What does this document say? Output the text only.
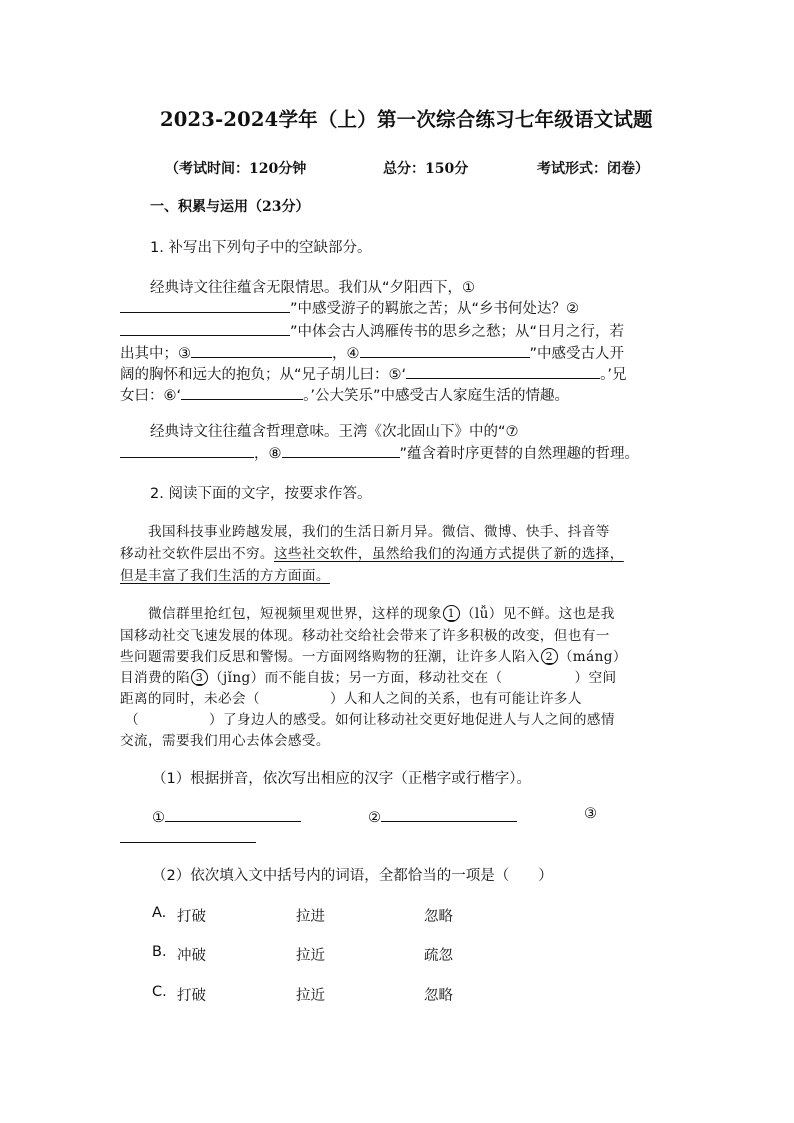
2023-2024学年（上）第一次综合练习七年级语文试题
（考试时间：120分钟	总分：150分	考试形式：闭卷）
一、积累与运用（23分）
1. 补写出下列句子中的空缺部分。
经典诗文往往蕴含无限情思。我们从“夕阳西下，①
”中感受游子的羁旅之苦；从“乡书何处达？②
”中体会古人鸿雁传书的思乡之愁；从“日月之行，若
出其中；③	，④	”中感受古人开
阔的胸怀和远大的抱负；从“兄子胡儿曰：⑤‘	。’兄
女曰：⑥‘	。’公大笑乐”中感受古人家庭生活的情趣。
经典诗文往往蕴含哲理意味。王湾《次北固山下》中的“⑦
，⑧	”蕴含着时序更替的自然理趣的哲理。
2. 阅读下面的文字，按要求作答。
我国科技事业跨越发展，我们的生活日新月异。微信、微博、快手、抖音等
移动社交软件层出不穷。这些社交软件，虽然给我们的沟通方式提供了新的选择，
但是丰富了我们生活的方方面面。
微信群里抢红包，短视频里观世界，这样的现象 1 （lǚ）见不鲜。这也是我
国移动社交飞速发展的体现。移动社交给社会带来了许多积极的改变，但也有一
些问题需要我们反思和警惕。一方面网络购物的狂潮，让许多人陷入 2 （máng）
目消费的陷 3 （jǐng）而不能自拔；另一方面，移动社交在（	）空间
距离的同时，未必会（	）人和人之间的关系，也有可能让许多人
（	）了身边人的感受。如何让移动社交更好地促进人与人之间的感情
交流，需要我们用心去体会感受。
（1）根据拼音，依次写出相应的汉字（正楷字或行楷字）。
①	②	③
（2）依次填入文中括号内的词语，全都恰当的一项是（　　）
A. 打破	拉进	忽略
B. 冲破	拉近	疏忽
C. 打破	拉近	忽略
